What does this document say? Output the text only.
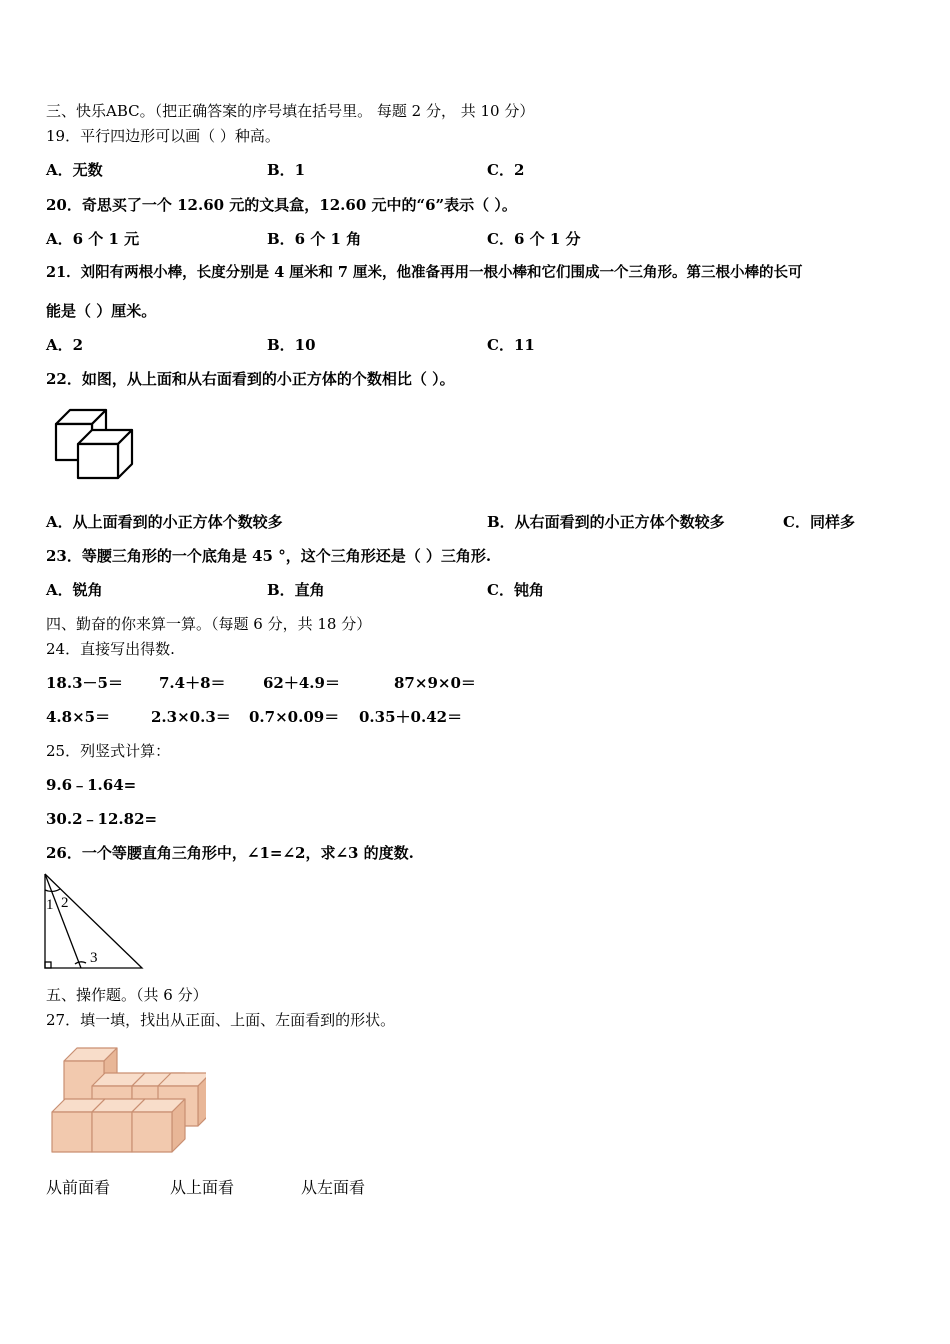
三、快乐ABC。（把正确答案的序号填在括号里。 每题 2 分， 共 10 分）
19．平行四边形可以画（ ）种高。
A．无数	B．1	C．2
20．奇思买了一个 12.60 元的文具盒，12.60 元中的“6”表示（ ）。
A．6 个 1 元	B．6 个 1 角	C．6 个 1 分
21．刘阳有两根小棒，长度分别是 4 厘米和 7 厘米，他准备再用一根小棒和它们围成一个三角形。第三根小棒的长可
能是（ ）厘米。
A．2	B．10	C．11
22．如图，从上面和从右面看到的小正方体的个数相比（ ）。
A．从上面看到的小正方体个数较多	B．从右面看到的小正方体个数较多	C．同样多
23．等腰三角形的一个底角是 45 °，这个三角形还是（ ）三角形.
A．锐角	B．直角	C．钝角
四、勤奋的你来算一算。（每题 6 分，共 18 分）
24．直接写出得数.
18.3－5＝ 7.4＋8＝ 62＋4.9＝	87×9×0＝
4.8×5＝	2.3×0.3＝ 0.7×0.09＝ 0.35＋0.42＝
25．列竖式计算：
9.6﹣1.64=
30.2﹣12.82=
26．一个等腰直角三角形中，∠1=∠2，求∠3 的度数.
1 2
3
五、操作题。（共 6 分）
27．填一填，找出从正面、上面、左面看到的形状。
从前面看	从上面看	从左面看
